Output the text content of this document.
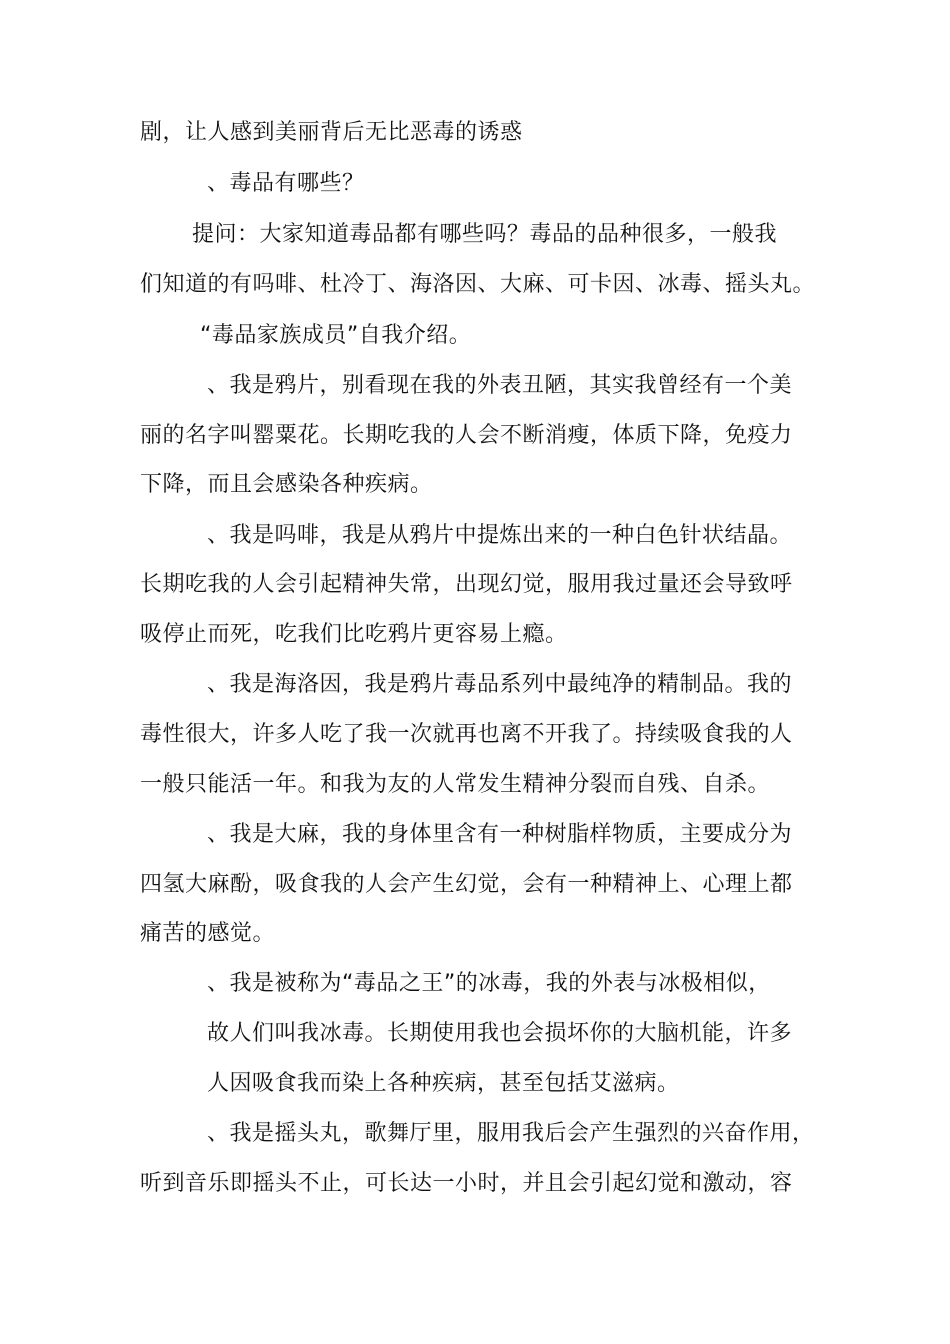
剧，让人感到美丽背后无比恶毒的诱惑
、毒品有哪些？
提问：大家知道毒品都有哪些吗？毒品的品种很多，一般我
们知道的有吗啡、杜冷丁、海洛因、大麻、可卡因、冰毒、摇头丸。
“毒品家族成员”自我介绍。
、我是鸦片，别看现在我的外表丑陋，其实我曾经有一个美
丽的名字叫罂粟花。长期吃我的人会不断消瘦，体质下降，免疫力
下降，而且会感染各种疾病。
、我是吗啡，我是从鸦片中提炼出来的一种白色针状结晶。
长期吃我的人会引起精神失常，出现幻觉，服用我过量还会导致呼
吸停止而死，吃我们比吃鸦片更容易上瘾。
、我是海洛因，我是鸦片毒品系列中最纯净的精制品。我的
毒性很大，许多人吃了我一次就再也离不开我了。持续吸食我的人
一般只能活一年。和我为友的人常发生精神分裂而自残、自杀。
、我是大麻，我的身体里含有一种树脂样物质，主要成分为
四氢大麻酚，吸食我的人会产生幻觉，会有一种精神上、心理上都
痛苦的感觉。
、我是被称为“毒品之王”的冰毒，我的外表与冰极相似，
故人们叫我冰毒。长期使用我也会损坏你的大脑机能，许多
人因吸食我而染上各种疾病，甚至包括艾滋病。
、我是摇头丸，歌舞厅里，服用我后会产生强烈的兴奋作用，
听到音乐即摇头不止，可长达一小时，并且会引起幻觉和激动，容
